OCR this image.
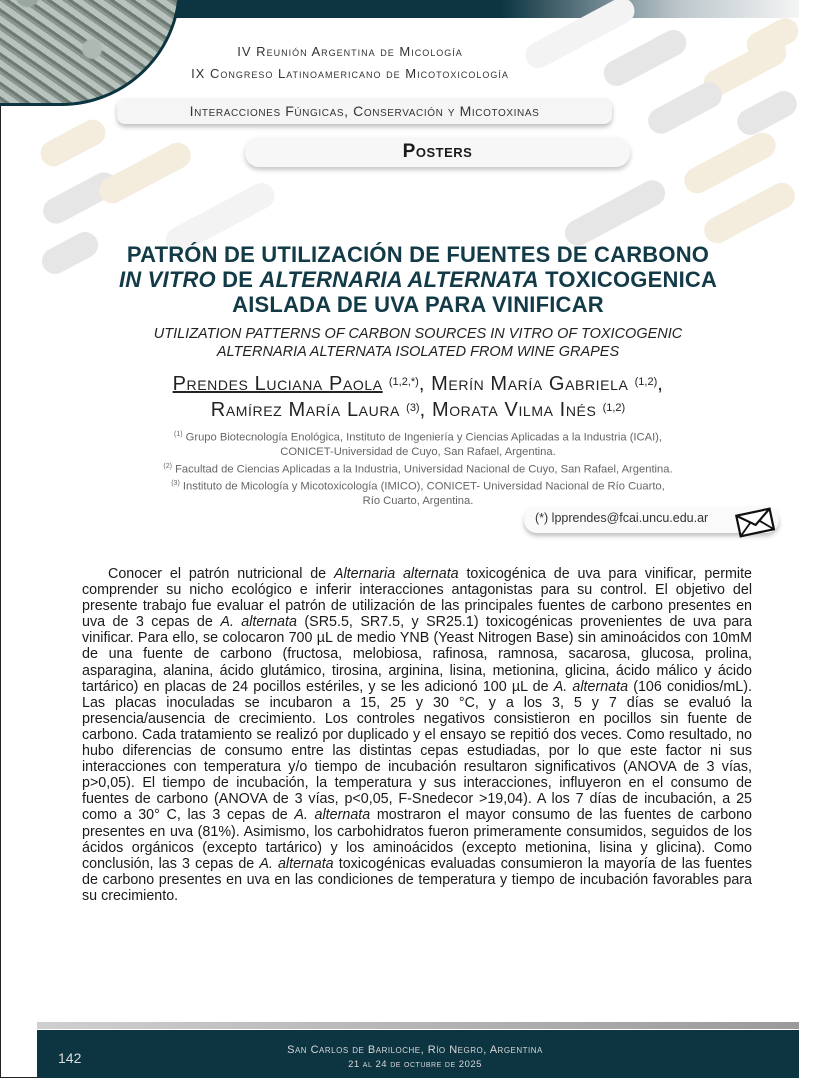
IV Reunión Argentina de Micología
IX Congreso Latinoamericano de Micotoxicología
Interacciones Fúngicas, Conservación y Micotoxinas
Posters
PATRÓN DE UTILIZACIÓN DE FUENTES DE CARBONO
IN VITRO DE ALTERNARIA ALTERNATA TOXICOGENICA
AISLADA DE UVA PARA VINIFICAR
UTILIZATION PATTERNS OF CARBON SOURCES IN VITRO OF TOXICOGENIC
ALTERNARIA ALTERNATA ISOLATED FROM WINE GRAPES
Prendes Luciana Paola $^{(1,2,*)}$, Merín María Gabriela $^{(1,2)}$,
Ramírez María Laura $^{(3)}$, Morata Vilma Inés $^{(1,2)}$
$^{(1)}$ Grupo Biotecnología Enológica, Instituto de Ingeniería y Ciencias Aplicadas a la Industria (ICAI),
CONICET-Universidad de Cuyo, San Rafael, Argentina.
$^{(2)}$ Facultad de Ciencias Aplicadas a la Industria, Universidad Nacional de Cuyo, San Rafael, Argentina.
$^{(3)}$ Instituto de Micología y Micotoxicología (IMICO), CONICET- Universidad Nacional de Río Cuarto,
Río Cuarto, Argentina.
(*) lpprendes@fcai.uncu.edu.ar
Conocer el patrón nutricional de Alternaria alternata toxicogénica de uva para vinificar, permite comprender su nicho ecológico e inferir interacciones antagonistas para su control. El objetivo del presente trabajo fue evaluar el patrón de utilización de las principales fuentes de carbono presentes en uva de 3 cepas de A. alternata (SR5.5, SR7.5, y SR25.1) toxicogénicas provenientes de uva para vinificar. Para ello, se colocaron 700 µL de medio YNB (Yeast Nitrogen Base) sin aminoácidos con 10mM de una fuente de carbono (fructosa, melobiosa, rafinosa, ramnosa, sacarosa, glucosa, prolina, asparagina, alanina, ácido glutámico, tirosina, arginina, lisina, metionina, glicina, ácido málico y ácido tartárico) en placas de 24 pocillos estériles, y se les adicionó 100 µL de A. alternata (106 conidios/mL). Las placas inoculadas se incubaron a 15, 25 y 30 °C, y a los 3, 5 y 7 días se evaluó la presencia/ausencia de crecimiento. Los controles negativos consistieron en pocillos sin fuente de carbono. Cada tratamiento se realizó por duplicado y el ensayo se repitió dos veces. Como resultado, no hubo diferencias de consumo entre las distintas cepas estudiadas, por lo que este factor ni sus interacciones con temperatura y/o tiempo de incubación resultaron significativos (ANOVA de 3 vías, p>0,05). El tiempo de incubación, la temperatura y sus interacciones, influyeron en el consumo de fuentes de carbono (ANOVA de 3 vías, p<0,05, F-Snedecor >19,04). A los 7 días de incubación, a 25 como a 30° C, las 3 cepas de A. alternata mostraron el mayor consumo de las fuentes de carbono presentes en uva (81%). Asimismo, los carbohidratos fueron primeramente consumidos, seguidos de los ácidos orgánicos (excepto tartárico) y los aminoácidos (excepto metionina, lisina y glicina). Como conclusión, las 3 cepas de A. alternata toxicogénicas evaluadas consumieron la mayoría de las fuentes de carbono presentes en uva en las condiciones de temperatura y tiempo de incubación favorables para su crecimiento.
142	San Carlos de Bariloche, Río Negro, Argentina
21 al 24 de octubre de 2025
